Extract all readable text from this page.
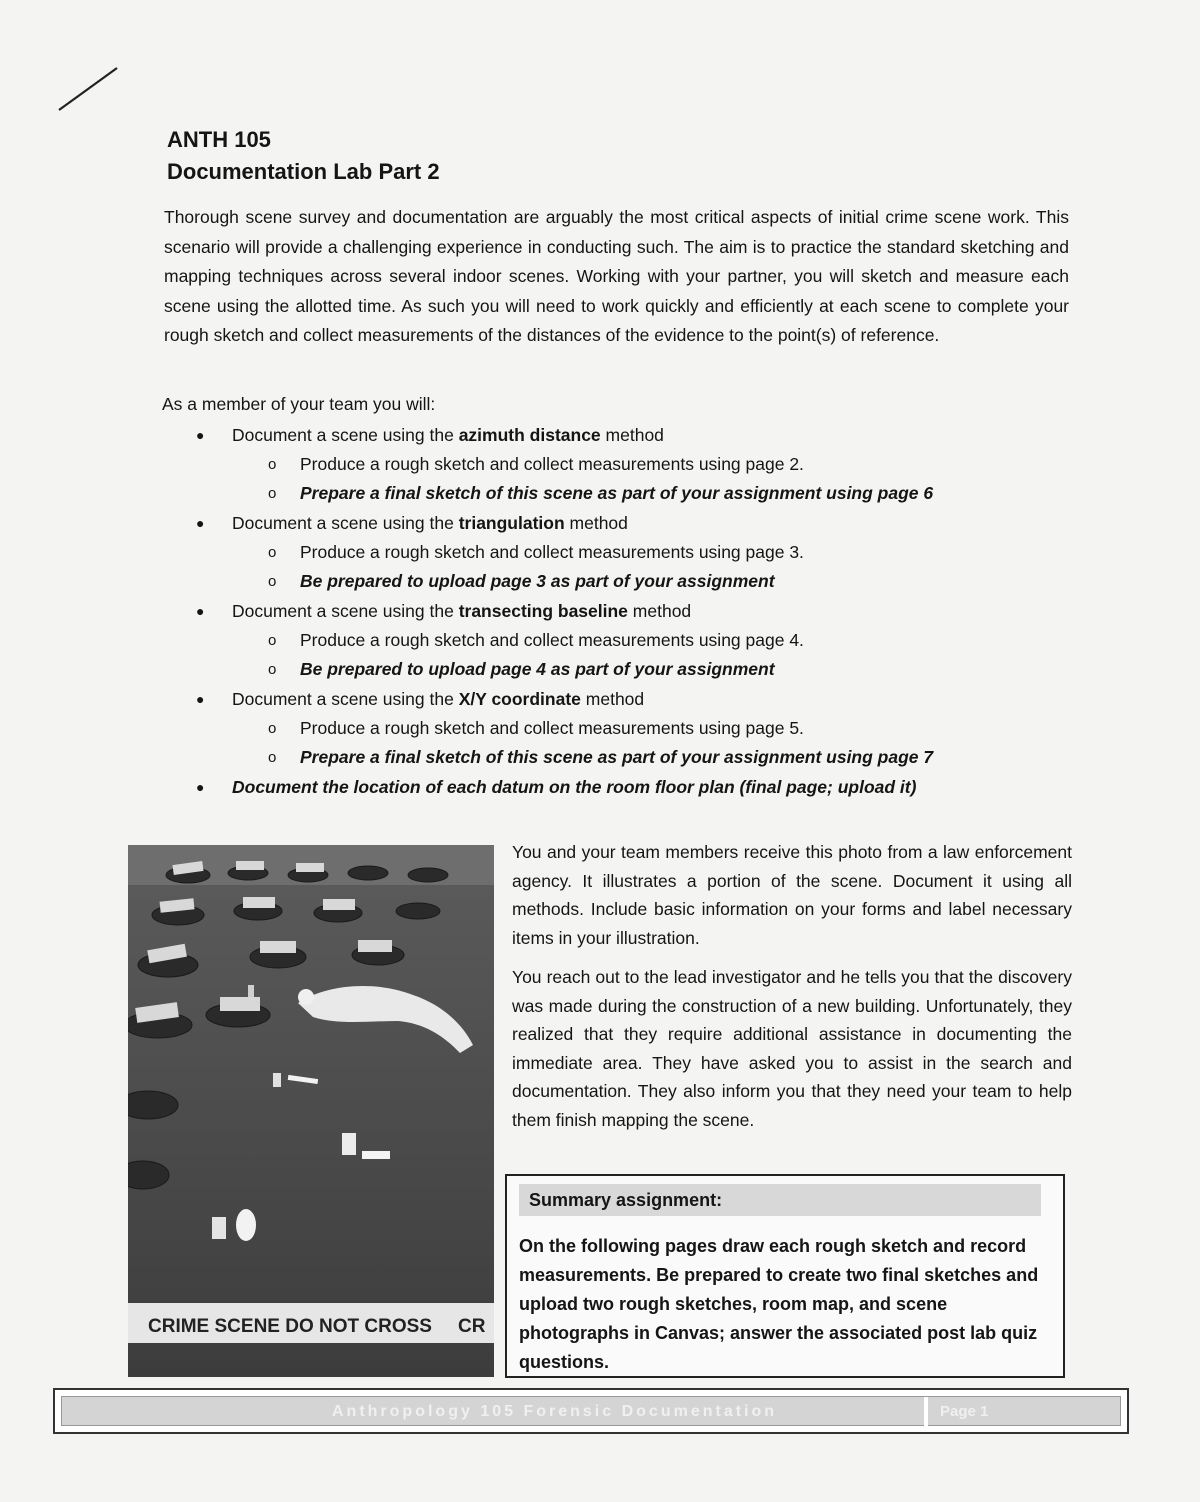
ANTH 105

Documentation Lab Part 2

Thorough scene survey and documentation are arguably the most critical aspects of initial crime scene work. This scenario will provide a challenging experience in conducting such. The aim is to practice the standard sketching and mapping techniques across several indoor scenes. Working with your partner, you will sketch and measure each scene using the allotted time. As such you will need to work quickly and efficiently at each scene to complete your rough sketch and collect measurements of the distances of the evidence to the point(s) of reference.

As a member of your team you will:

● Document a scene using the azimuth distance method
o Produce a rough sketch and collect measurements using page 2.
o Prepare a final sketch of this scene as part of your assignment using page 6
● Document a scene using the triangulation method
o Produce a rough sketch and collect measurements using page 3.
o Be prepared to upload page 3 as part of your assignment
● Document a scene using the transecting baseline method
o Produce a rough sketch and collect measurements using page 4.
o Be prepared to upload page 4 as part of your assignment
● Document a scene using the X/Y coordinate method
o Produce a rough sketch and collect measurements using page 5.
o Prepare a final sketch of this scene as part of your assignment using page 7
● Document the location of each datum on the room floor plan (final page; upload it)
CRIME SCENE DO NOT CROSS CR

You and your team members receive this photo from a law enforcement agency. It illustrates a portion of the scene. Document it using all methods. Include basic information on your forms and label necessary items in your illustration.

You reach out to the lead investigator and he tells you that the discovery was made during the construction of a new building. Unfortunately, they realized that they require additional assistance in documenting the immediate area. They have asked you to assist in the search and documentation. They also inform you that they need your team to help them finish mapping the scene.

Summary assignment:
On the following pages draw each rough sketch and record measurements. Be prepared to create two final sketches and upload two rough sketches, room map, and scene photographs in Canvas; answer the associated post lab quiz questions.
Anthropology 105 Forensic Documentation	Page 1
